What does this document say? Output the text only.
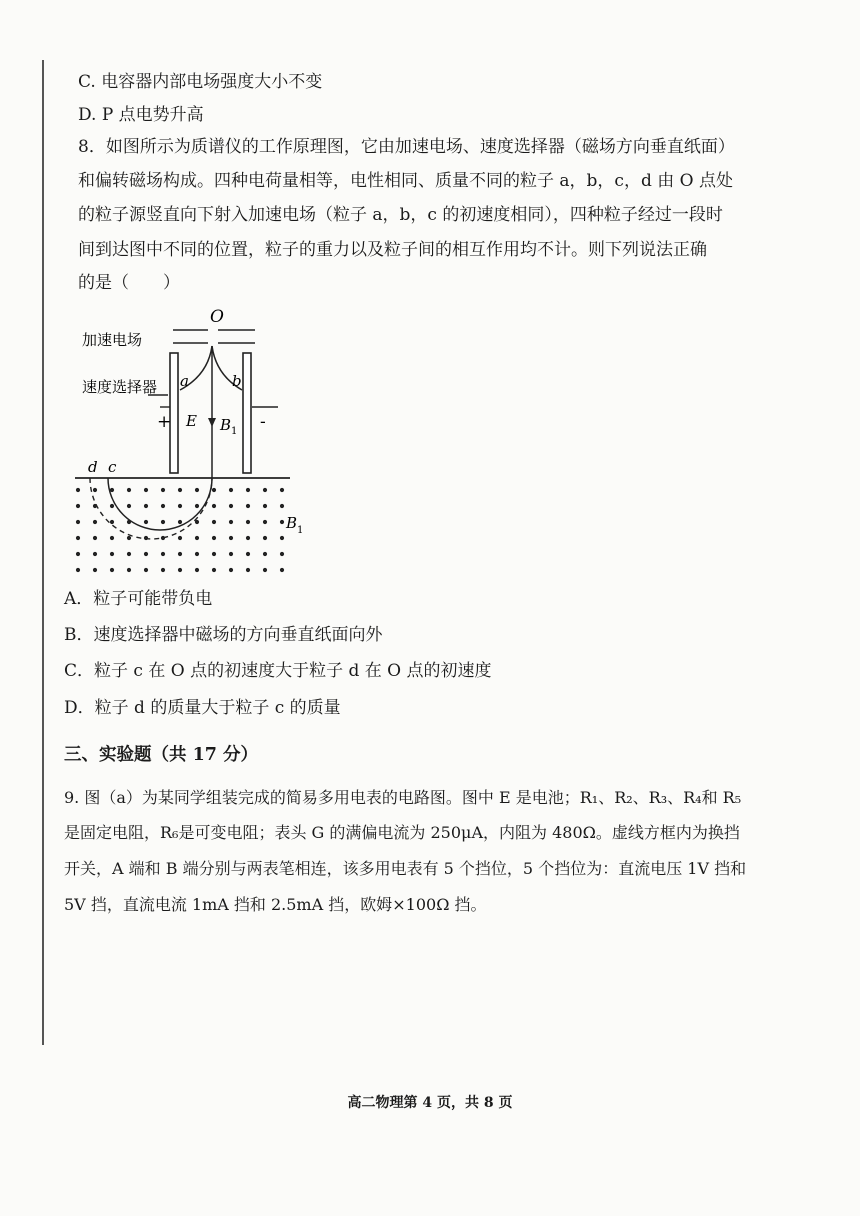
C. 电容器内部电场强度大小不变
D. P 点电势升高
8．如图所示为质谱仪的工作原理图，它由加速电场、速度选择器（磁场方向垂直纸面）
和偏转磁场构成。四种电荷量相等，电性相同、质量不同的粒子 a，b，c，d 由 O 点处
的粒子源竖直向下射入加速电场（粒子 a，b，c 的初速度相同），四种粒子经过一段时
间到达图中不同的位置，粒子的重力以及粒子间的相互作用均不计。则下列说法正确
的是（　　）
O
加速电场
速度选择器 a	b
+	-
E B 1
d c
B 1
A．粒子可能带负电
B．速度选择器中磁场的方向垂直纸面向外
C．粒子 c 在 O 点的初速度大于粒子 d 在 O 点的初速度
D．粒子 d 的质量大于粒子 c 的质量
三、实验题（共 17 分）
9. 图（a）为某同学组装完成的简易多用电表的电路图。图中 E 是电池；R₁、R₂、R₃、R₄和 R₅
是固定电阻，R₆是可变电阻；表头 G 的满偏电流为 250μA，内阻为 480Ω。虚线方框内为换挡
开关，A 端和 B 端分别与两表笔相连，该多用电表有 5 个挡位，5 个挡位为：直流电压 1V 挡和
5V 挡，直流电流 1mA 挡和 2.5mA 挡，欧姆×100Ω 挡。
高二物理第 4 页，共 8 页
